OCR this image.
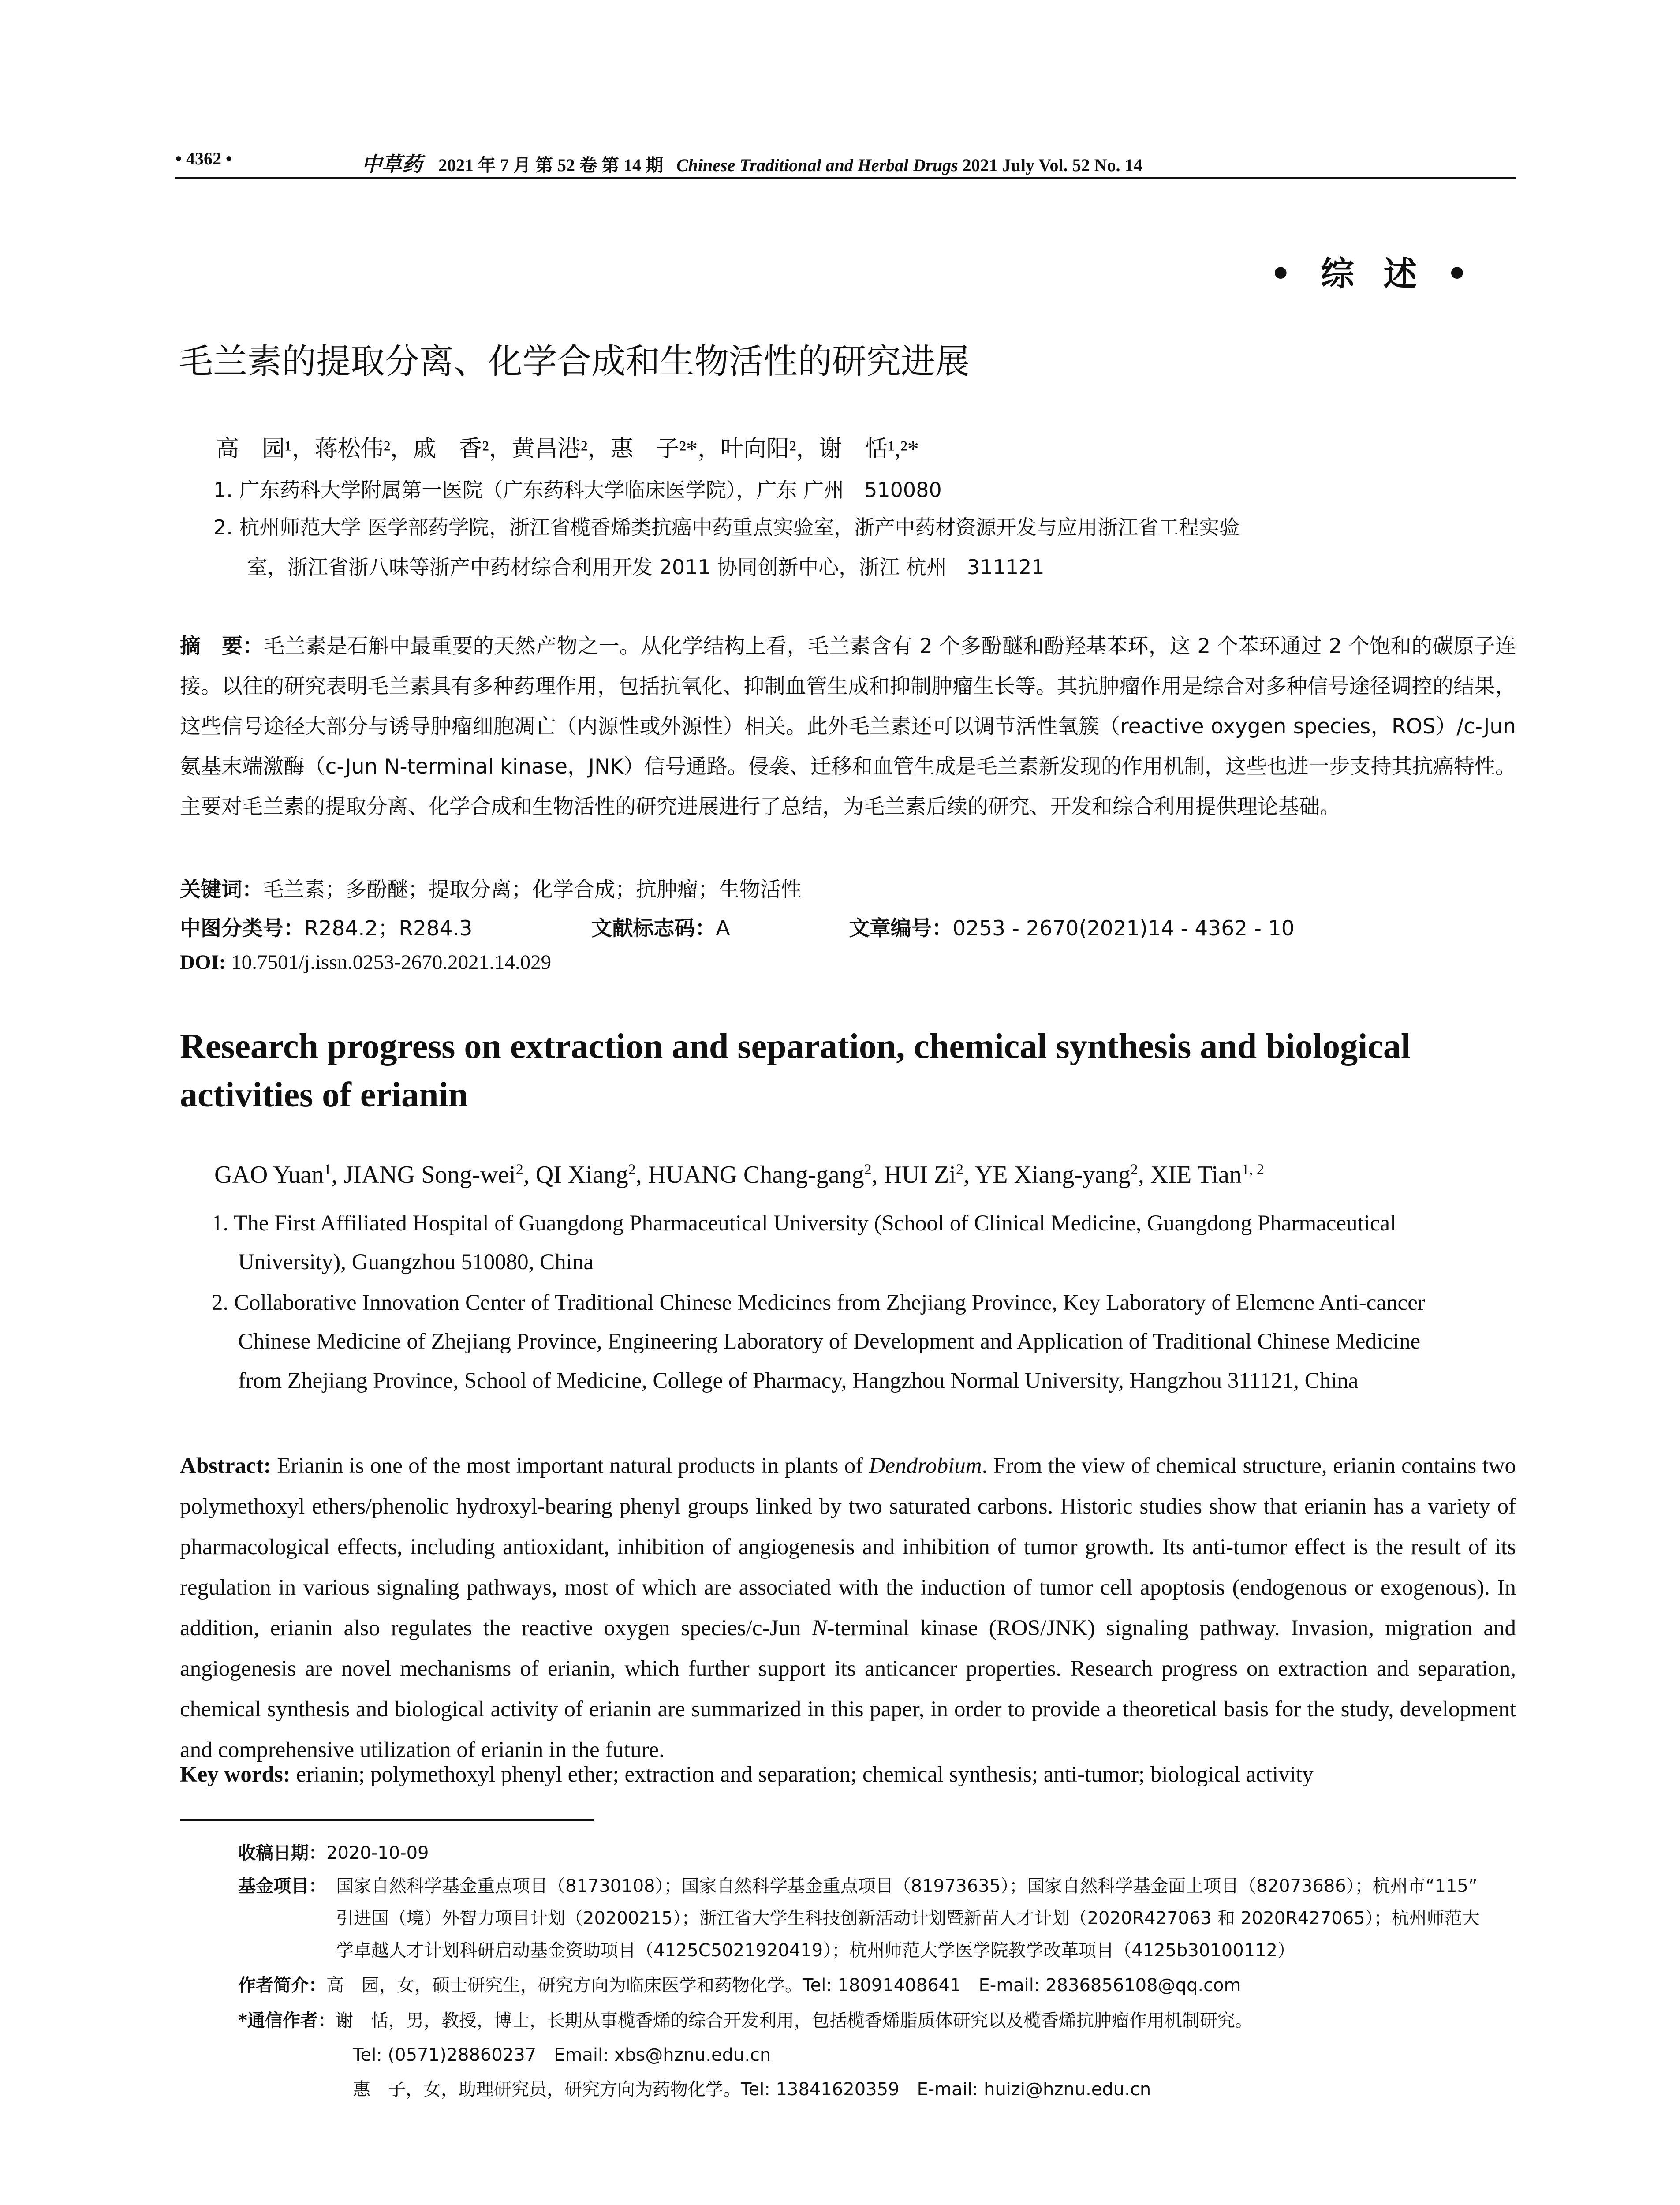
• 4362 •	中草药 2021 年 7 月 第 52 卷 第 14 期 Chinese Traditional and Herbal Drugs 2021 July Vol. 52 No. 14
• 综 述 •
毛兰素的提取分离、化学合成和生物活性的研究进展
高　园¹，蒋松伟²，戚　香²，黄昌港²，惠　子²*，叶向阳²，谢　恬¹,²*
1. 广东药科大学附属第一医院（广东药科大学临床医学院），广东 广州　510080
2. 杭州师范大学 医学部药学院，浙江省榄香烯类抗癌中药重点实验室，浙产中药材资源开发与应用浙江省工程实验
室，浙江省浙八味等浙产中药材综合利用开发 2011 协同创新中心，浙江 杭州　311121
摘　要：毛兰素是石斛中最重要的天然产物之一。从化学结构上看，毛兰素含有 2 个多酚醚和酚羟基苯环，这 2 个苯环通过 2 个饱和的碳原子连接。以往的研究表明毛兰素具有多种药理作用，包括抗氧化、抑制血管生成和抑制肿瘤生长等。其抗肿瘤作用是综合对多种信号途径调控的结果，这些信号途径大部分与诱导肿瘤细胞凋亡（内源性或外源性）相关。此外毛兰素还可以调节活性氧簇（reactive oxygen species，ROS）/c-Jun 氨基末端激酶（c-Jun N-terminal kinase，JNK）信号通路。侵袭、迁移和血管生成是毛兰素新发现的作用机制，这些也进一步支持其抗癌特性。主要对毛兰素的提取分离、化学合成和生物活性的研究进展进行了总结，为毛兰素后续的研究、开发和综合利用提供理论基础。
关键词：毛兰素；多酚醚；提取分离；化学合成；抗肿瘤；生物活性
中图分类号：R284.2；R284.3	文献标志码：A	文章编号：0253 - 2670(2021)14 - 4362 - 10
DOI: 10.7501/j.issn.0253-2670.2021.14.029
Research progress on extraction and separation, chemical synthesis and biological activities of erianin
GAO Yuan$^1$, JIANG Song-wei$^2$, QI Xiang$^2$, HUANG Chang-gang$^2$, HUI Zi$^2$, YE Xiang-yang$^2$, XIE Tian$^{1, 2}$
1. The First Affiliated Hospital of Guangdong Pharmaceutical University (School of Clinical Medicine, Guangdong Pharmaceutical
University), Guangzhou 510080, China
2. Collaborative Innovation Center of Traditional Chinese Medicines from Zhejiang Province, Key Laboratory of Elemene Anti-cancer
Chinese Medicine of Zhejiang Province, Engineering Laboratory of Development and Application of Traditional Chinese Medicine
from Zhejiang Province, School of Medicine, College of Pharmacy, Hangzhou Normal University, Hangzhou 311121, China
Abstract: Erianin is one of the most important natural products in plants of Dendrobium. From the view of chemical structure, erianin contains two polymethoxyl ethers/phenolic hydroxyl-bearing phenyl groups linked by two saturated carbons. Historic studies show that erianin has a variety of pharmacological effects, including antioxidant, inhibition of angiogenesis and inhibition of tumor growth. Its anti-tumor effect is the result of its regulation in various signaling pathways, most of which are associated with the induction of tumor cell apoptosis (endogenous or exogenous). In addition, erianin also regulates the reactive oxygen species/c-Jun N-terminal kinase (ROS/JNK) signaling pathway. Invasion, migration and angiogenesis are novel mechanisms of erianin, which further support its anticancer properties. Research progress on extraction and separation, chemical synthesis and biological activity of erianin are summarized in this paper, in order to provide a theoretical basis for the study, development and comprehensive utilization of erianin in the future.
Key words: erianin; polymethoxyl phenyl ether; extraction and separation; chemical synthesis; anti-tumor; biological activity
收稿日期：2020-10-09
基金项目： 国家自然科学基金重点项目（81730108）；国家自然科学基金重点项目（81973635）；国家自然科学基金面上项目（82073686）；杭州市“115”
引进国（境）外智力项目计划（20200215）；浙江省大学生科技创新活动计划暨新苗人才计划（2020R427063 和 2020R427065）；杭州师范大
学卓越人才计划科研启动基金资助项目（4125C5021920419）；杭州师范大学医学院教学改革项目（4125b30100112）
作者简介：高　园，女，硕士研究生，研究方向为临床医学和药物化学。Tel: 18091408641　E-mail: 2836856108@qq.com
*通信作者：谢　恬，男，教授，博士，长期从事榄香烯的综合开发利用，包括榄香烯脂质体研究以及榄香烯抗肿瘤作用机制研究。
Tel: (0571)28860237　Email: xbs@hznu.edu.cn
惠　子，女，助理研究员，研究方向为药物化学。Tel: 13841620359　E-mail: huizi@hznu.edu.cn
